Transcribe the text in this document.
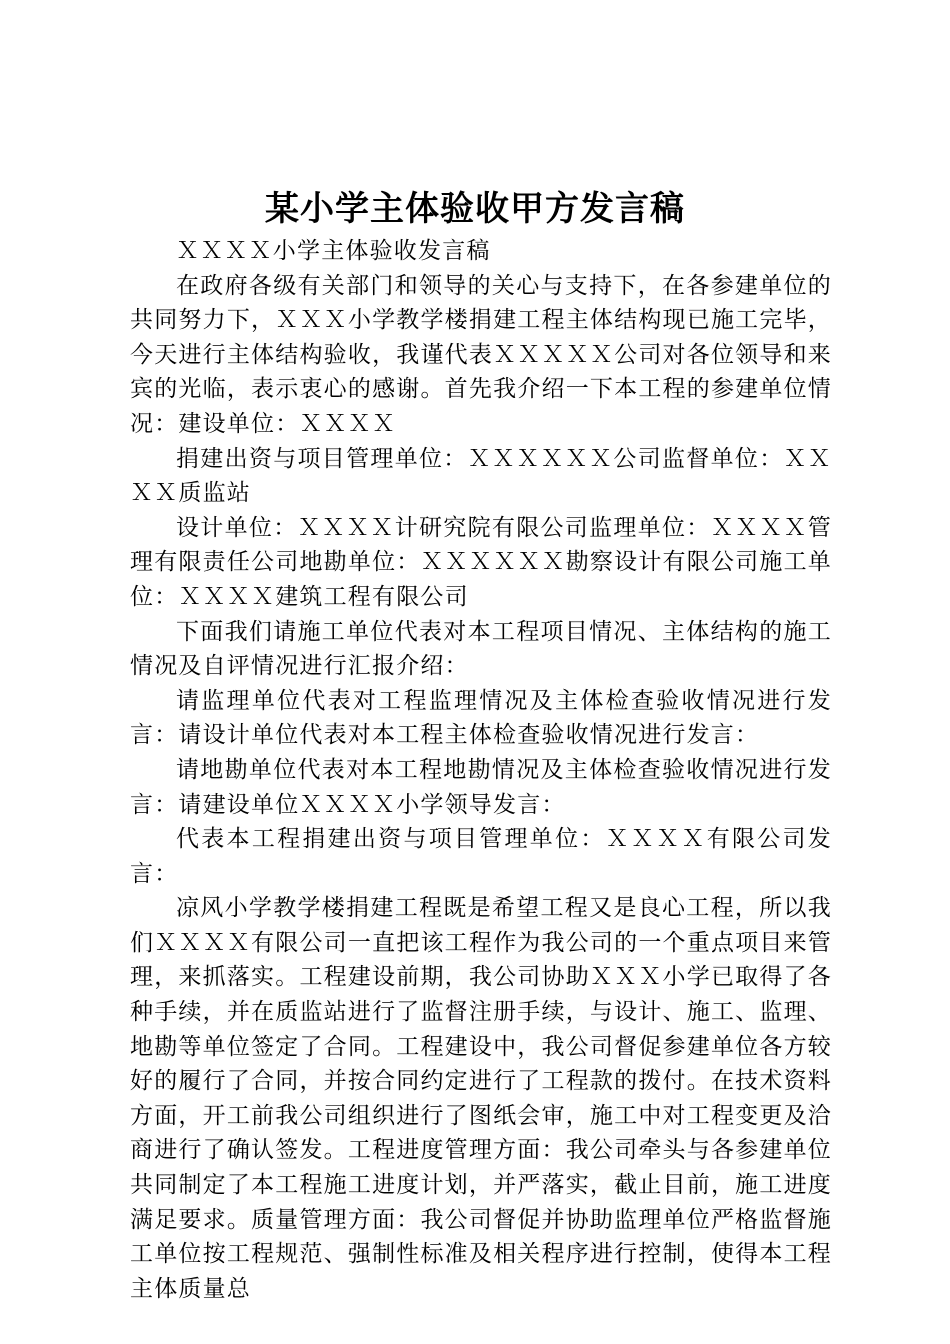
某小学主体验收甲方发言稿

ＸＸＸＸ小学主体验收发言稿

在政府各级有关部门和领导的关心与支持下，在各参建单位的共同努力下，ＸＸＸ小学教学楼捐建工程主体结构现已施工完毕，今天进行主体结构验收，我谨代表ＸＸＸＸＸ公司对各位领导和来宾的光临，表示衷心的感谢。首先我介绍一下本工程的参建单位情况：建设单位：ＸＸＸＸ

捐建出资与项目管理单位：ＸＸＸＸＸＸ公司监督单位：ＸＸＸＸ质监站

设计单位：ＸＸＸＸ计研究院有限公司监理单位：ＸＸＸＸ管理有限责任公司地勘单位：ＸＸＸＸＸＸ勘察设计有限公司施工单位：ＸＸＸＸ建筑工程有限公司

下面我们请施工单位代表对本工程项目情况、主体结构的施工情况及自评情况进行汇报介绍：

请监理单位代表对工程监理情况及主体检查验收情况进行发言：请设计单位代表对本工程主体检查验收情况进行发言：

请地勘单位代表对本工程地勘情况及主体检查验收情况进行发言：请建设单位ＸＸＸＸ小学领导发言：

代表本工程捐建出资与项目管理单位：ＸＸＸＸ有限公司发言：

凉风小学教学楼捐建工程既是希望工程又是良心工程，所以我们ＸＸＸＸ有限公司一直把该工程作为我公司的一个重点项目来管理，来抓落实。工程建设前期，我公司协助ＸＸＸ小学已取得了各种手续，并在质监站进行了监督注册手续，与设计、施工、监理、地勘等单位签定了合同。工程建设中，我公司督促参建单位各方较好的履行了合同，并按合同约定进行了工程款的拨付。在技术资料方面，开工前我公司组织进行了图纸会审，施工中对工程变更及洽商进行了确认签发。工程进度管理方面：我公司牵头与各参建单位共同制定了本工程施工进度计划，并严落实，截止目前，施工进度满足要求。质量管理方面：我公司督促并协助监理单位严格监督施工单位按工程规范、强制性标准及相关程序进行控制，使得本工程主体质量总
